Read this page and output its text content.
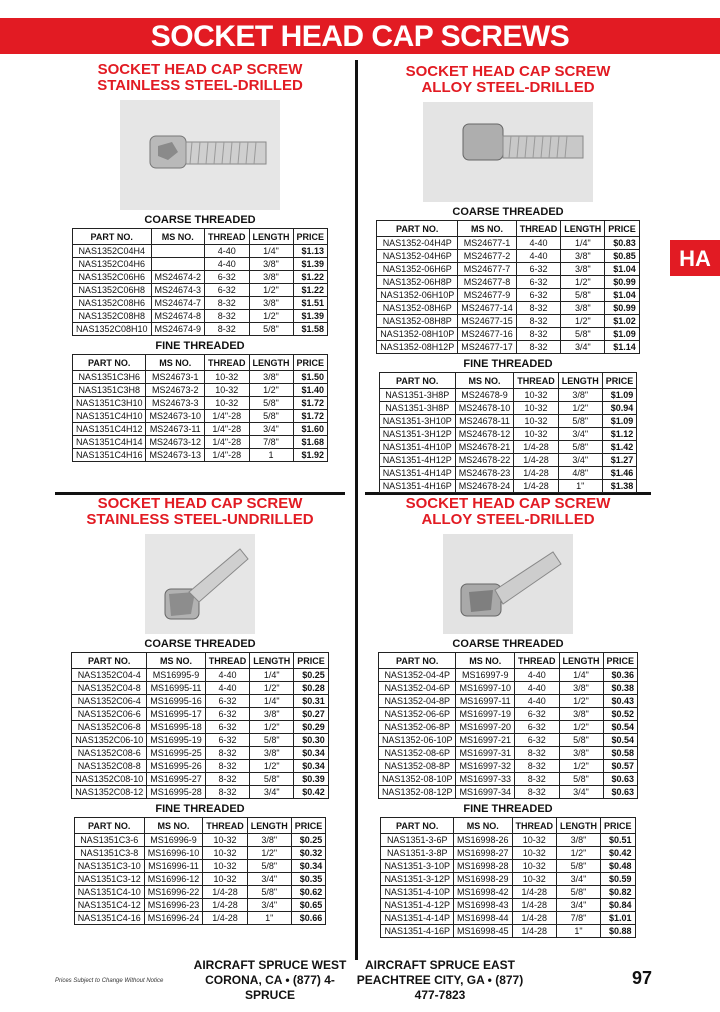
SOCKET HEAD CAP SCREWS
HA
SOCKET HEAD CAP SCREW
STAINLESS STEEL-DRILLED
COARSE THREADED
PART NO.	MS NO.	THREAD	LENGTH	PRICE
NAS1352C04H4		4-40	1/4"	$1.13
NAS1352C04H6		4-40	3/8"	$1.39
NAS1352C06H6	MS24674-2	6-32	3/8"	$1.22
NAS1352C06H8	MS24674-3	6-32	1/2"	$1.22
NAS1352C08H6	MS24674-7	8-32	3/8"	$1.51
NAS1352C08H8	MS24674-8	8-32	1/2"	$1.39
NAS1352C08H10	MS24674-9	8-32	5/8"	$1.58
FINE THREADED
PART NO.	MS NO.	THREAD	LENGTH	PRICE
NAS1351C3H6	MS24673-1	10-32	3/8"	$1.50
NAS1351C3H8	MS24673-2	10-32	1/2"	$1.40
NAS1351C3H10	MS24673-3	10-32	5/8"	$1.72
NAS1351C4H10	MS24673-10	1/4"-28	5/8"	$1.72
NAS1351C4H12	MS24673-11	1/4"-28	3/4"	$1.60
NAS1351C4H14	MS24673-12	1/4"-28	7/8"	$1.68
NAS1351C4H16	MS24673-13	1/4"-28	1	$1.92
SOCKET HEAD CAP SCREW
ALLOY STEEL-DRILLED
COARSE THREADED
PART NO.	MS NO.	THREAD	LENGTH	PRICE
NAS1352-04H4P	MS24677-1	4-40	1/4"	$0.83
NAS1352-04H6P	MS24677-2	4-40	3/8"	$0.85
NAS1352-06H6P	MS24677-7	6-32	3/8"	$1.04
NAS1352-06H8P	MS24677-8	6-32	1/2"	$0.99
NAS1352-06H10P	MS24677-9	6-32	5/8"	$1.04
NAS1352-08H6P	MS24677-14	8-32	3/8"	$0.99
NAS1352-08H8P	MS24677-15	8-32	1/2"	$1.02
NAS1352-08H10P	MS24677-16	8-32	5/8"	$1.09
NAS1352-08H12P	MS24677-17	8-32	3/4"	$1.14
FINE THREADED
PART NO.	MS NO.	THREAD	LENGTH	PRICE
NAS1351-3H8P	MS24678-9	10-32	3/8"	$1.09
NAS1351-3H8P	MS24678-10	10-32	1/2"	$0.94
NAS1351-3H10P	MS24678-11	10-32	5/8"	$1.09
NAS1351-3H12P	MS24678-12	10-32	3/4"	$1.12
NAS1351-4H10P	MS24678-21	1/4-28	5/8"	$1.42
NAS1351-4H12P	MS24678-22	1/4-28	3/4"	$1.27
NAS1351-4H14P	MS24678-23	1/4-28	4/8"	$1.46
NAS1351-4H16P	MS24678-24	1/4-28	1"	$1.38
SOCKET HEAD CAP SCREW
STAINLESS STEEL-UNDRILLED
COARSE THREADED
PART NO.	MS NO.	THREAD	LENGTH	PRICE
NAS1352C04-4	MS16995-9	4-40	1/4"	$0.25
NAS1352C04-8	MS16995-11	4-40	1/2"	$0.28
NAS1352C06-4	MS16995-16	6-32	1/4"	$0.31
NAS1352C06-6	MS16995-17	6-32	3/8"	$0.27
NAS1352C06-8	MS16995-18	6-32	1/2"	$0.29
NAS1352C06-10	MS16995-19	6-32	5/8"	$0.30
NAS1352C08-6	MS16995-25	8-32	3/8"	$0.34
NAS1352C08-8	MS16995-26	8-32	1/2"	$0.34
NAS1352C08-10	MS16995-27	8-32	5/8"	$0.39
NAS1352C08-12	MS16995-28	8-32	3/4"	$0.42
FINE THREADED
PART NO.	MS NO.	THREAD	LENGTH	PRICE
NAS1351C3-6	MS16996-9	10-32	3/8"	$0.25
NAS1351C3-8	MS16996-10	10-32	1/2"	$0.32
NAS1351C3-10	MS16996-11	10-32	5/8"	$0.34
NAS1351C3-12	MS16996-12	10-32	3/4"	$0.35
NAS1351C4-10	MS16996-22	1/4-28	5/8"	$0.62
NAS1351C4-12	MS16996-23	1/4-28	3/4"	$0.65
NAS1351C4-16	MS16996-24	1/4-28	1"	$0.66
SOCKET HEAD CAP SCREW
ALLOY STEEL-DRILLED
COARSE THREADED
PART NO.	MS NO.	THREAD	LENGTH	PRICE
NAS1352-04-4P	MS16997-9	4-40	1/4"	$0.36
NAS1352-04-6P	MS16997-10	4-40	3/8"	$0.38
NAS1352-04-8P	MS16997-11	4-40	1/2"	$0.43
NAS1352-06-6P	MS16997-19	6-32	3/8"	$0.52
NAS1352-06-8P	MS16997-20	6-32	1/2"	$0.54
NAS1352-06-10P	MS16997-21	6-32	5/8"	$0.54
NAS1352-08-6P	MS16997-31	8-32	3/8"	$0.58
NAS1352-08-8P	MS16997-32	8-32	1/2"	$0.57
NAS1352-08-10P	MS16997-33	8-32	5/8"	$0.63
NAS1352-08-12P	MS16997-34	8-32	3/4"	$0.63
FINE THREADED
PART NO.	MS NO.	THREAD	LENGTH	PRICE
NAS1351-3-6P	MS16998-26	10-32	3/8"	$0.51
NAS1351-3-8P	MS16998-27	10-32	1/2"	$0.42
NAS1351-3-10P	MS16998-28	10-32	5/8"	$0.48
NAS1351-3-12P	MS16998-29	10-32	3/4"	$0.59
NAS1351-4-10P	MS16998-42	1/4-28	5/8"	$0.82
NAS1351-4-12P	MS16998-43	1/4-28	3/4"	$0.84
NAS1351-4-14P	MS16998-44	1/4-28	7/8"	$1.01
NAS1351-4-16P	MS16998-45	1/4-28	1"	$0.88
AIRCRAFT SPRUCE WEST
CORONA, CA • (877) 4-SPRUCE
AIRCRAFT SPRUCE EAST
PEACHTREE CITY, GA • (877) 477-7823
Prices Subject to Change Without Notice	97
